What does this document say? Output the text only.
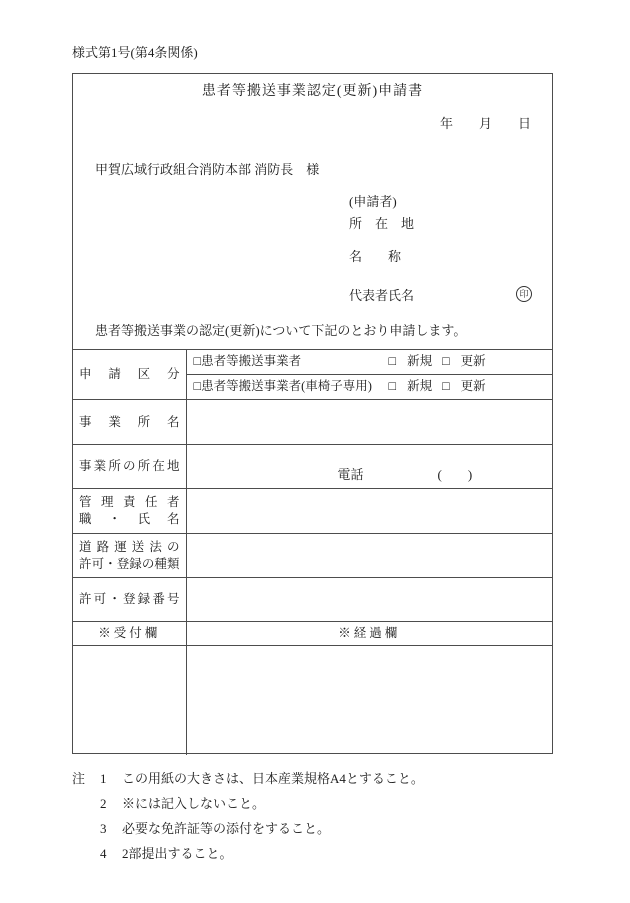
様式第1号(第4条関係)
患者等搬送事業認定(更新)申請書
年　　月　　日
甲賀広域行政組合消防本部 消防長　様
(申請者)
所　在　地
名　　称
代表者氏名	印
患者等搬送事業の認定(更新)について下記のとおり申請します。
申請区分	□患者等搬送事業者 □ 新規 □ 更新

	□患者等搬送事業者(車椅子専用) □ 新規 □ 更新

事業所名	

事業所の所在地	電話 (　　)

管理責任者
職・氏名	

道路運送法の
許可・登録の種類	

許可・登録番号	

※受付欄	※経過欄

注	1	この用紙の大きさは、日本産業規格A4とすること。
2	※には記入しないこと。
3	必要な免許証等の添付をすること。
4	2部提出すること。
